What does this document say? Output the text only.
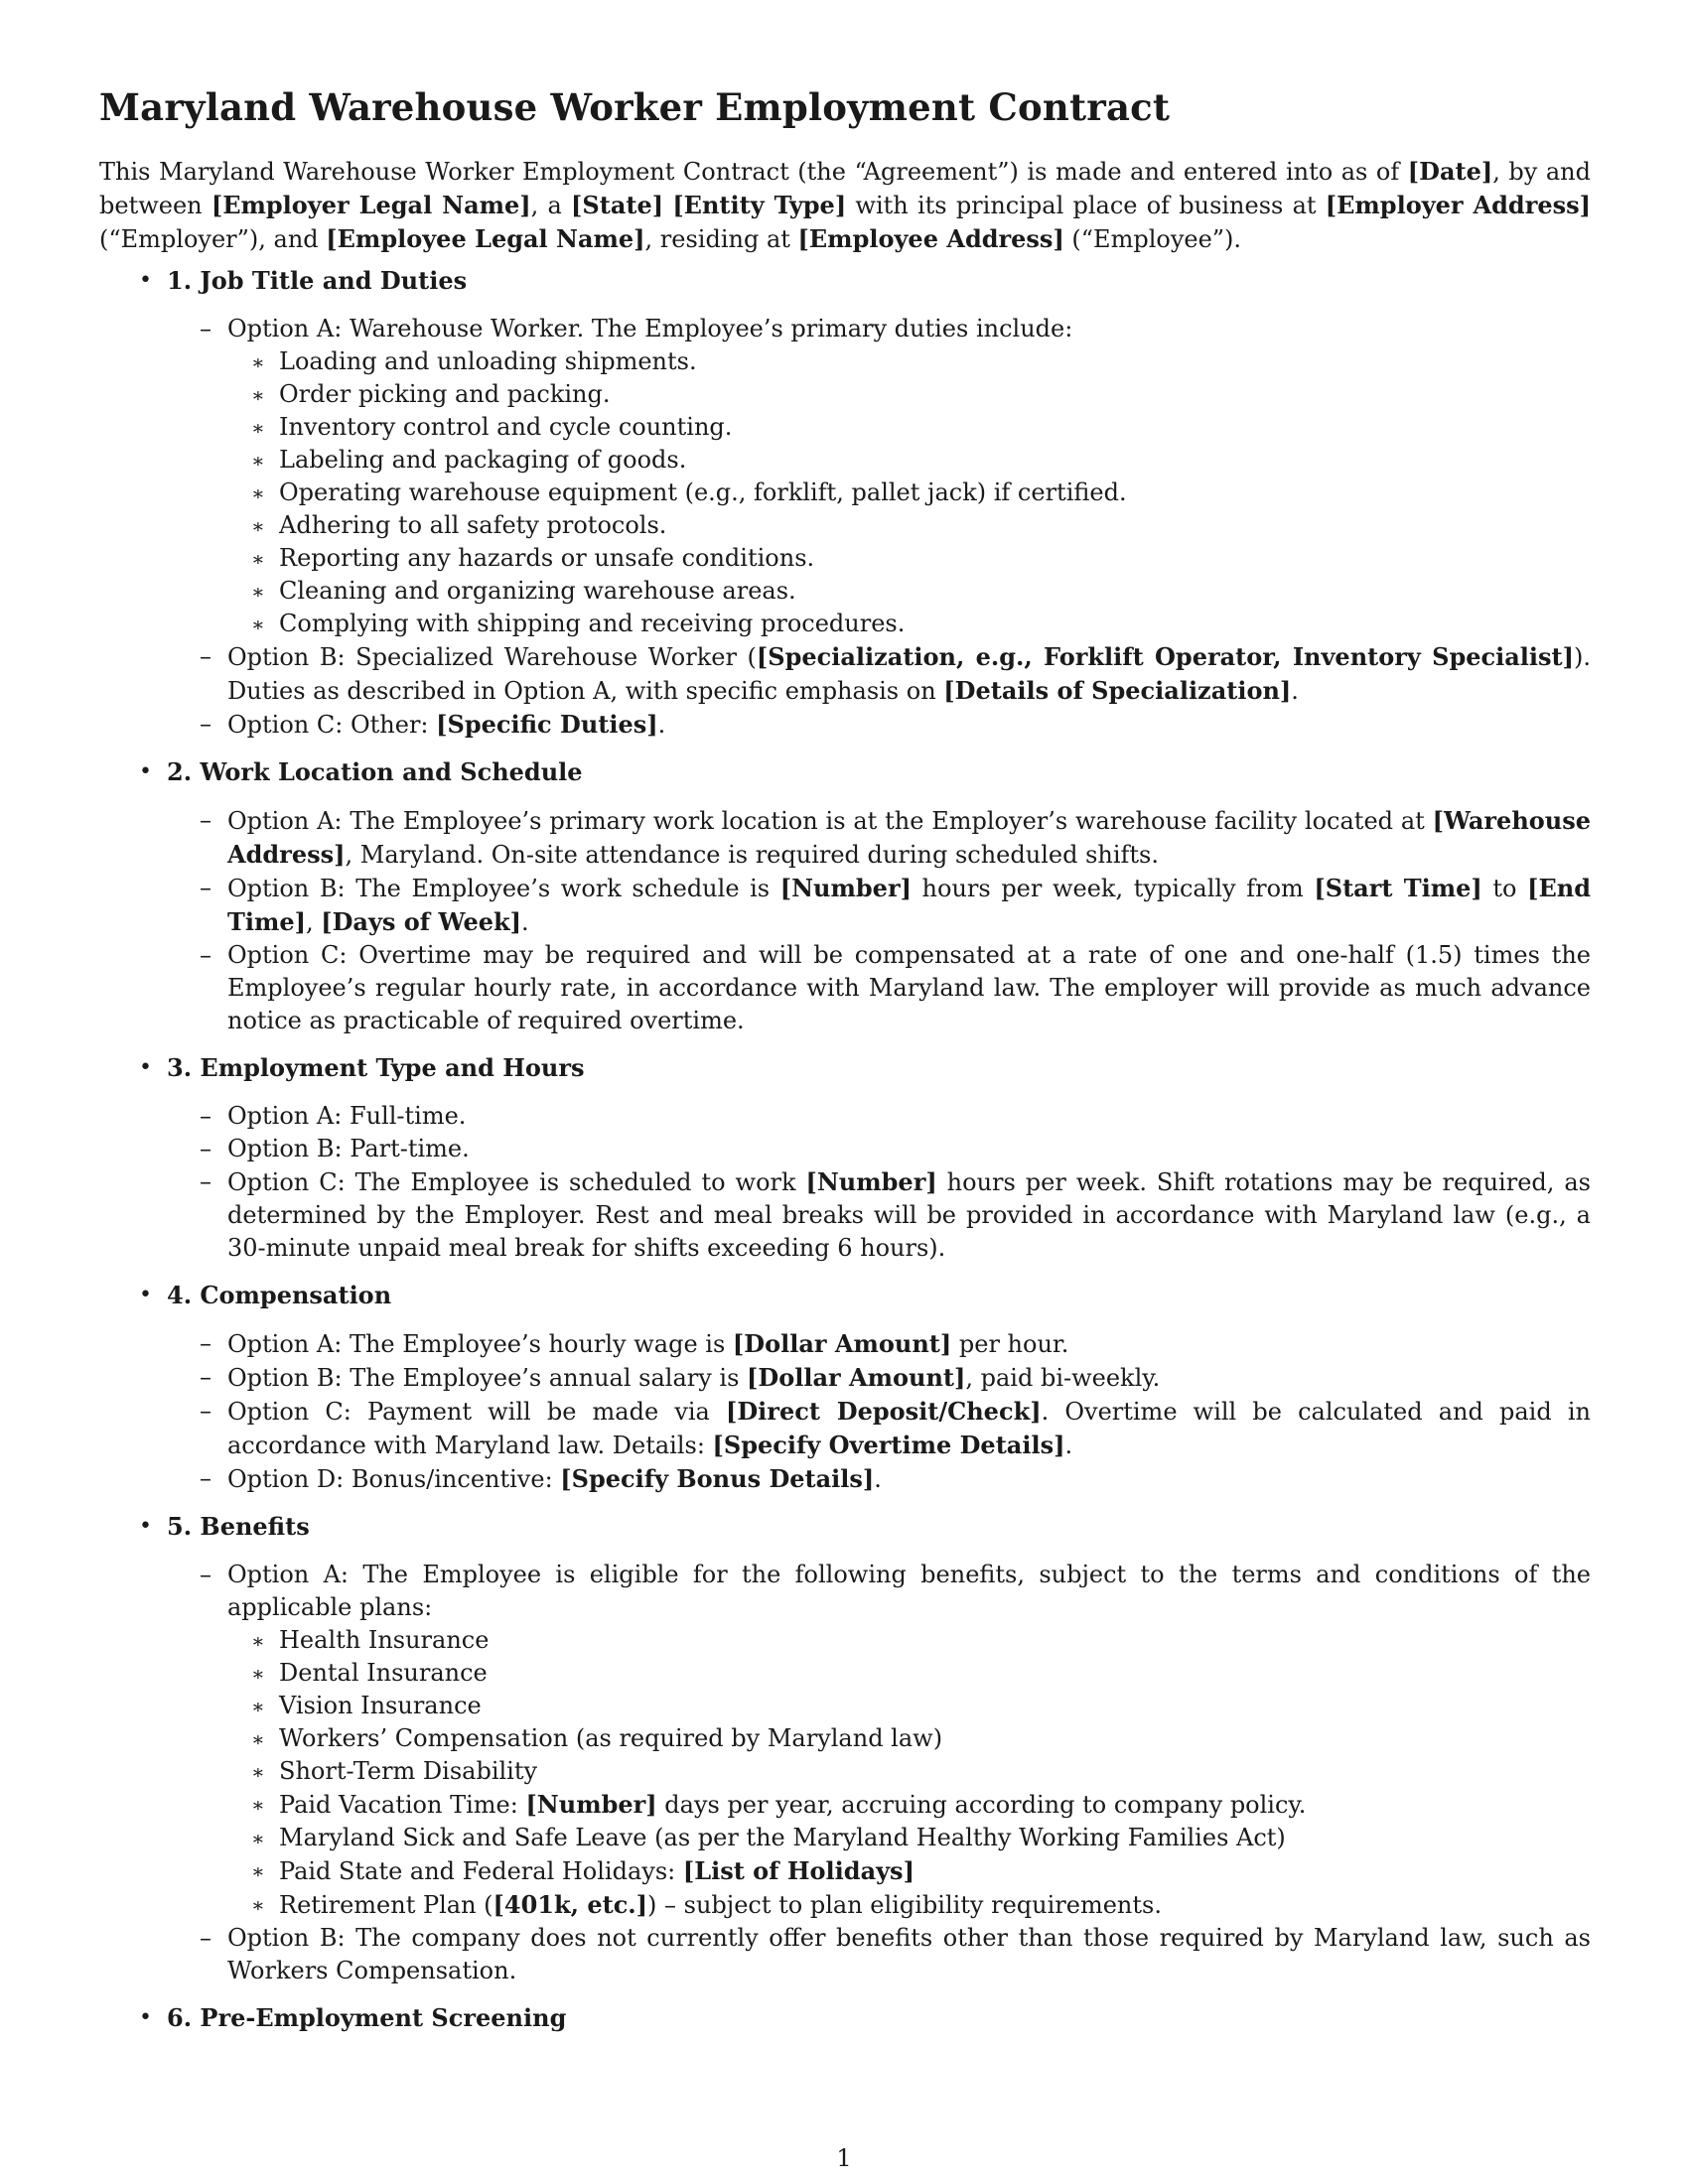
Maryland Warehouse Worker Employment Contract

This Maryland Warehouse Worker Employment Contract (the “Agreement”) is made and entered into as of [Date], by and between [Employer Legal Name], a [State] [Entity Type] with its principal place of business at [Employer Address] (“Employer”), and [Employee Legal Name], residing at [Employee Address] (“Employee”).

• 1. Job Title and Duties
– Option A: Warehouse Worker. The Employee’s primary duties include:
∗ Loading and unloading shipments.
∗ Order picking and packing.
∗ Inventory control and cycle counting.
∗ Labeling and packaging of goods.
∗ Operating warehouse equipment (e.g., forklift, pallet jack) if certified.
∗ Adhering to all safety protocols.
∗ Reporting any hazards or unsafe conditions.
∗ Cleaning and organizing warehouse areas.
∗ Complying with shipping and receiving procedures.
– Option B: Specialized Warehouse Worker ([Specialization, e.g., Forklift Operator, Inventory Specialist]). Duties as described in Option A, with specific emphasis on [Details of Specialization].
– Option C: Other: [Specific Duties].
• 2. Work Location and Schedule
– Option A: The Employee’s primary work location is at the Employer’s warehouse facility located at [Warehouse Address], Maryland. On-site attendance is required during scheduled shifts.
– Option B: The Employee’s work schedule is [Number] hours per week, typically from [Start Time] to [End Time], [Days of Week].
– Option C: Overtime may be required and will be compensated at a rate of one and one-half (1.5) times the Employee’s regular hourly rate, in accordance with Maryland law. The employer will provide as much advance notice as practicable of required overtime.
• 3. Employment Type and Hours
– Option A: Full-time.
– Option B: Part-time.
– Option C: The Employee is scheduled to work [Number] hours per week. Shift rotations may be required, as determined by the Employer. Rest and meal breaks will be provided in accordance with Maryland law (e.g., a 30-minute unpaid meal break for shifts exceeding 6 hours).
• 4. Compensation
– Option A: The Employee’s hourly wage is [Dollar Amount] per hour.
– Option B: The Employee’s annual salary is [Dollar Amount], paid bi-weekly.
– Option C: Payment will be made via [Direct Deposit/Check]. Overtime will be calculated and paid in accordance with Maryland law. Details: [Specify Overtime Details].
– Option D: Bonus/incentive: [Specify Bonus Details].
• 5. Benefits
– Option A: The Employee is eligible for the following benefits, subject to the terms and conditions of the applicable plans:
∗ Health Insurance
∗ Dental Insurance
∗ Vision Insurance
∗ Workers’ Compensation (as required by Maryland law)
∗ Short-Term Disability
∗ Paid Vacation Time: [Number] days per year, accruing according to company policy.
∗ Maryland Sick and Safe Leave (as per the Maryland Healthy Working Families Act)
∗ Paid State and Federal Holidays: [List of Holidays]
∗ Retirement Plan ([401k, etc.]) – subject to plan eligibility requirements.
– Option B: The company does not currently offer benefits other than those required by Maryland law, such as Workers Compensation.
• 6. Pre-Employment Screening
1
